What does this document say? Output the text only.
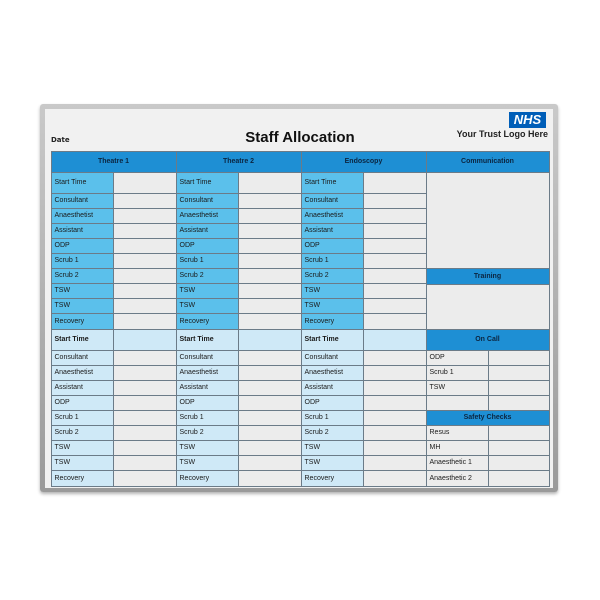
Date	Staff Allocation
NHS
Your Trust Logo Here
Theatre 1
Start Time
Start Time
Consultant
Consultant
Anaesthetist
Anaesthetist
Assistant
Assistant
ODP
ODP
Scrub 1
Scrub 1
Scrub 2
Scrub 2
TSW
TSW
TSW
TSW
Recovery
Recovery
Theatre 2
Start Time
Start Time
Consultant
Consultant
Anaesthetist
Anaesthetist
Assistant
Assistant
ODP
ODP
Scrub 1
Scrub 1
Scrub 2
Scrub 2
TSW
TSW
TSW
TSW
Recovery
Recovery
Endoscopy
Start Time
Start Time
Consultant
Consultant
Anaesthetist
Anaesthetist
Assistant
Assistant
ODP
ODP
Scrub 1
Scrub 1
Scrub 2
Scrub 2
TSW
TSW
TSW
TSW
Recovery
Recovery
Communication
Training
On Call
ODP
Scrub 1
TSW
Safety Checks
Resus
MH
Anaesthetic 1
Anaesthetic 2
